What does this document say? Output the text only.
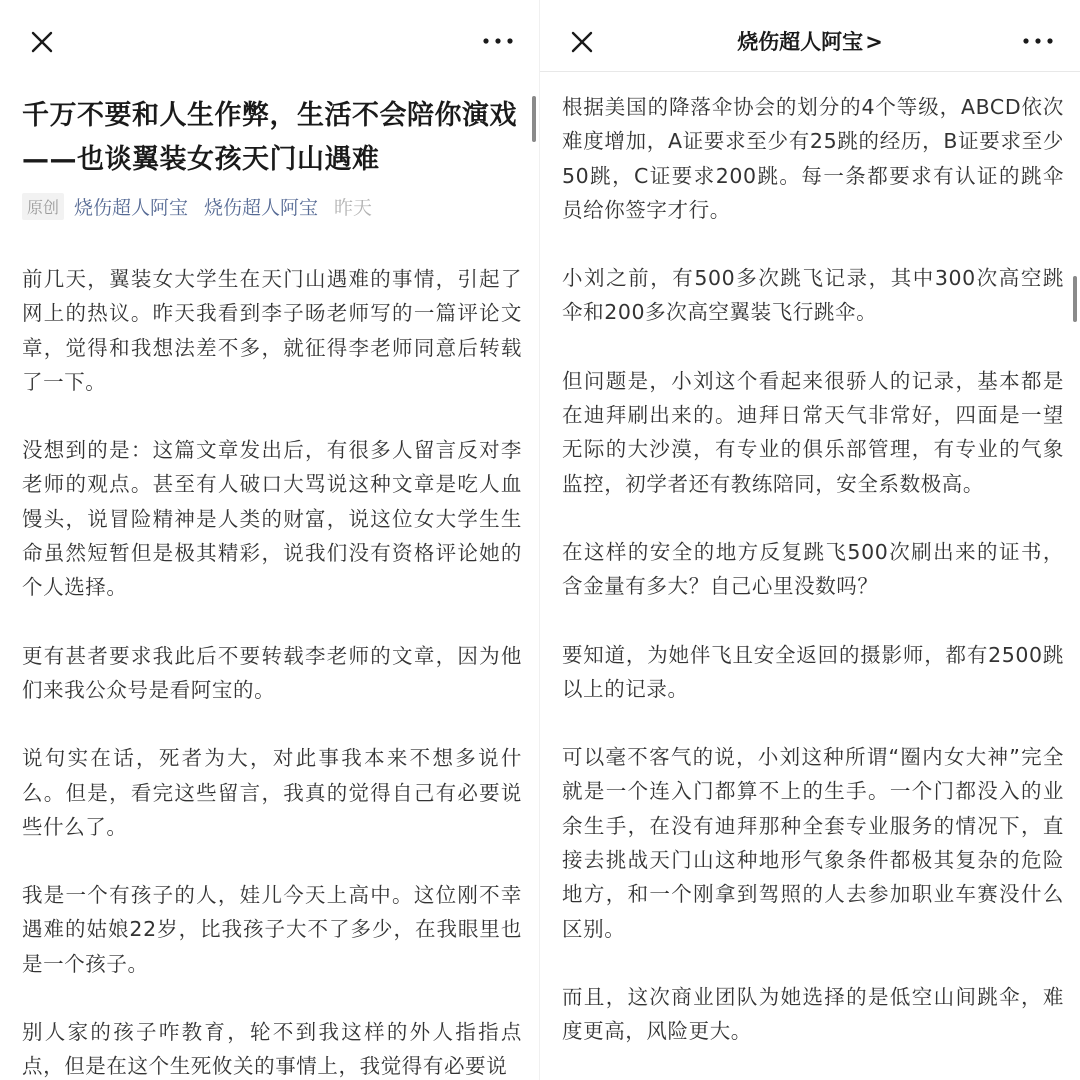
千万不要和人生作弊，生活不会陪你演戏——也谈翼装女孩天门山遇难
原创 烧伤超人阿宝 烧伤超人阿宝 昨天

前几天，翼装女大学生在天门山遇难的事情，引起了网上的热议。昨天我看到李子旸老师写的一篇评论文章，觉得和我想法差不多，就征得李老师同意后转载了一下。

没想到的是：这篇文章发出后，有很多人留言反对李老师的观点。甚至有人破口大骂说这种文章是吃人血馒头，说冒险精神是人类的财富，说这位女大学生生命虽然短暂但是极其精彩，说我们没有资格评论她的个人选择。

更有甚者要求我此后不要转载李老师的文章，因为他们来我公众号是看阿宝的。

说句实在话，死者为大，对此事我本来不想多说什么。但是，看完这些留言，我真的觉得自己有必要说些什么了。

我是一个有孩子的人，娃儿今天上高中。这位刚不幸遇难的姑娘22岁，比我孩子大不了多少，在我眼里也是一个孩子。

别人家的孩子咋教育，轮不到我这样的外人指指点点，但是在这个生死攸关的事情上，我觉得有必要说

根据美国的降落伞协会的划分的4个等级，ABCD依次难度增加，A证要求至少有25跳的经历，B证要求至少50跳，C证要求200跳。每一条都要求有认证的跳伞员给你签字才行。

小刘之前，有500多次跳飞记录，其中300次高空跳伞和200多次高空翼装飞行跳伞。

但问题是，小刘这个看起来很骄人的记录，基本都是在迪拜刷出来的。迪拜日常天气非常好，四面是一望无际的大沙漠，有专业的俱乐部管理，有专业的气象监控，初学者还有教练陪同，安全系数极高。

在这样的安全的地方反复跳飞500次刷出来的证书，含金量有多大？自己心里没数吗？

要知道，为她伴飞且安全返回的摄影师，都有2500跳以上的记录。

可以毫不客气的说，小刘这种所谓“圈内女大神”完全就是一个连入门都算不上的生手。一个门都没入的业余生手，在没有迪拜那种全套专业服务的情况下，直接去挑战天门山这种地形气象条件都极其复杂的危险地方，和一个刚拿到驾照的人去参加职业车赛没什么区别。

而且，这次商业团队为她选择的是低空山间跳伞，难度更高，风险更大。

烧伤超人阿宝>
